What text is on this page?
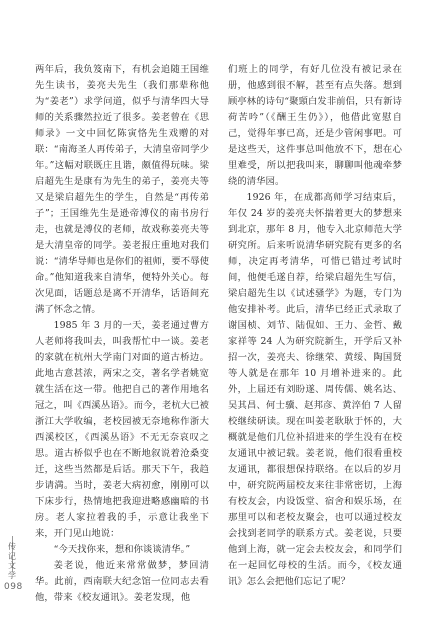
两年后，我负笈南下，有机会追随王国维先生读书，姜亮夫先生（我们那辈称他为“姜老”）求学问道，似乎与清华四大导师的关系骤然拉近了很多。姜老曾在《思师录》一文中回忆陈寅恪先生戏赠的对联：“南海圣人再传弟子，大清皇帝同学少年。”这幅对联既庄且谐，颇值得玩味。梁启超先生是康有为先生的弟子，姜亮夫等又是梁启超先生的学生，自然是“再传弟子”；王国维先生是逊帝溥仪的南书房行走，也就是溥仪的老师，故戏称姜亮夫等是大清皇帝的同学。姜老报庄重地对我们说：“清华导师也是你们的祖师，要不辱使命。”他知道我来自清华，便特外关心。每次见面，话题总是离不开清华，话语间充满了怀念之情。

1985 年 3 月的一天，姜老通过曹方人老师将我叫去，叫我帮忙中一谈。姜老的家就在杭州大学南门对面的道古桥边。此地古意甚浓，两宋之交，著名学者姚宽就生活在这一带。他把自己的著作用地名冠之，叫《西溪丛语》。而今，老杭大已被浙江大学收编，老校园被无奈地称作浙大西溪校区，《西溪丛语》不无无奈哀叹之思。道古桥似乎也在不断地叙说着沧桑变迁，这些当然都是后话。那天下午，我趋步请満。当时，姜老大病初愈，刚刚可以下床步行，热情地把我迎进略感幽暗的书房。老人家拉着我的手，示意让我坐下来，开门见山地说：

“今天找你来，想和你谈谈清华。”

姜老说，他近来常常做梦，梦回清华。此前，西南联大纪念馆一位同志去看他，带来《校友通讯》。姜老发现，他

们班上的同学，有好几位没有被记录在册，他感到很不解，甚至有点失落。想到顾亭林的诗句“聚頸白发非前侣，只有新诗荷苦吟”（《酬王生仍》），他借此宽慰自己，觉得年事已高，还是少管闲事吧。可是这些天，这件事总叫他放不下，想在心里难受，所以把我叫来，聊聊叫他魂牵梦绕的清华园。

1926 年，在成都高师学习结束后，年仅 24 岁的姜亮夫怀揣着更大的梦想来到北京，那年 8 月，他专入北京师范大学研究所。后来听说清华研究院有更多的名师，决定再考清华，可惜已错过考试时间，他便毛遂自荐，给梁启超先生写信，梁启超先生以《试述骚学》为题，专门为他安排补考。此后，清华已经正式录取了谢国桢、刘节、陆侃如、王力、金哲、戴家祥等 24 人为研究院新生，开学后又补招一次，姜亮夫、徐继荣、黄绥、陶国贤等人就是在那年 10 月增补进来的。此外，上届还有刘盼遂、周传儒、姚名达、吴其昌、何士骥、赵邦彦、黄淬伯 7 人留校继续研读。现在叫姜老耿耿于怀的，大概就是他们几位补招进来的学生没有在校友通讯中被记载。姜老说，他们很看重校友通讯，都很想保持联络。在以后的岁月中，研究院两届校友来往非常密切，上海有校友会，内设饭堂、宿舍和娱乐场，在那里可以和老校友聚会，也可以通过校友会找到老同学的联系方式。姜老说，只要他到上海，就一定会去校友会，和同学们在一起回忆母校的生活。而今，《校友通讯》怎么会把他们忘记了呢？

传记文学
098
